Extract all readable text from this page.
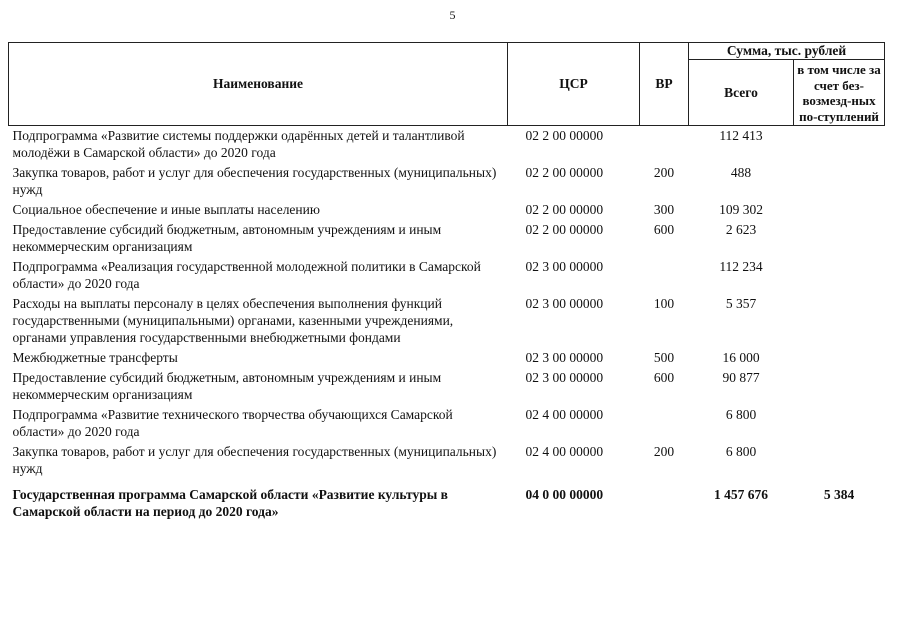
5
Наименование	ЦСР	ВР	Сумма, тыс. рублей	
			Всего	в том числе за счет без-возмезд-ных по-ступлений
Подпрограмма «Развитие системы поддержки одарённых детей и талантливой молодёжи в Самарской области» до 2020 года	02 2 00 00000		112 413	
Закупка товаров, работ и услуг для обеспечения государственных (муниципальных) нужд	02 2 00 00000	200	488	
Социальное обеспечение и иные выплаты населению	02 2 00 00000	300	109 302	
Предоставление субсидий бюджетным, автономным учреждениям и иным некоммерческим организациям	02 2 00 00000	600	2 623	
Подпрограмма «Реализация государственной молодежной политики в Самарской области» до 2020 года	02 3 00 00000		112 234	
Расходы на выплаты персоналу в целях обеспечения выполнения функций государственными (муниципальными) органами, казенными учреждениями, органами управления государственными внебюджетными фондами	02 3 00 00000	100	5 357	
Межбюджетные трансферты	02 3 00 00000	500	16 000	
Предоставление субсидий бюджетным, автономным учреждениям и иным некоммерческим организациям	02 3 00 00000	600	90 877	
Подпрограмма «Развитие технического творчества обучающихся Самарской области» до 2020 года	02 4 00 00000		6 800	
Закупка товаров, работ и услуг для обеспечения государственных (муниципальных) нужд	02 4 00 00000	200	6 800	
Государственная программа Самарской области «Развитие культуры в Самарской области на период до 2020 года»	04 0 00 00000		1 457 676	5 384
